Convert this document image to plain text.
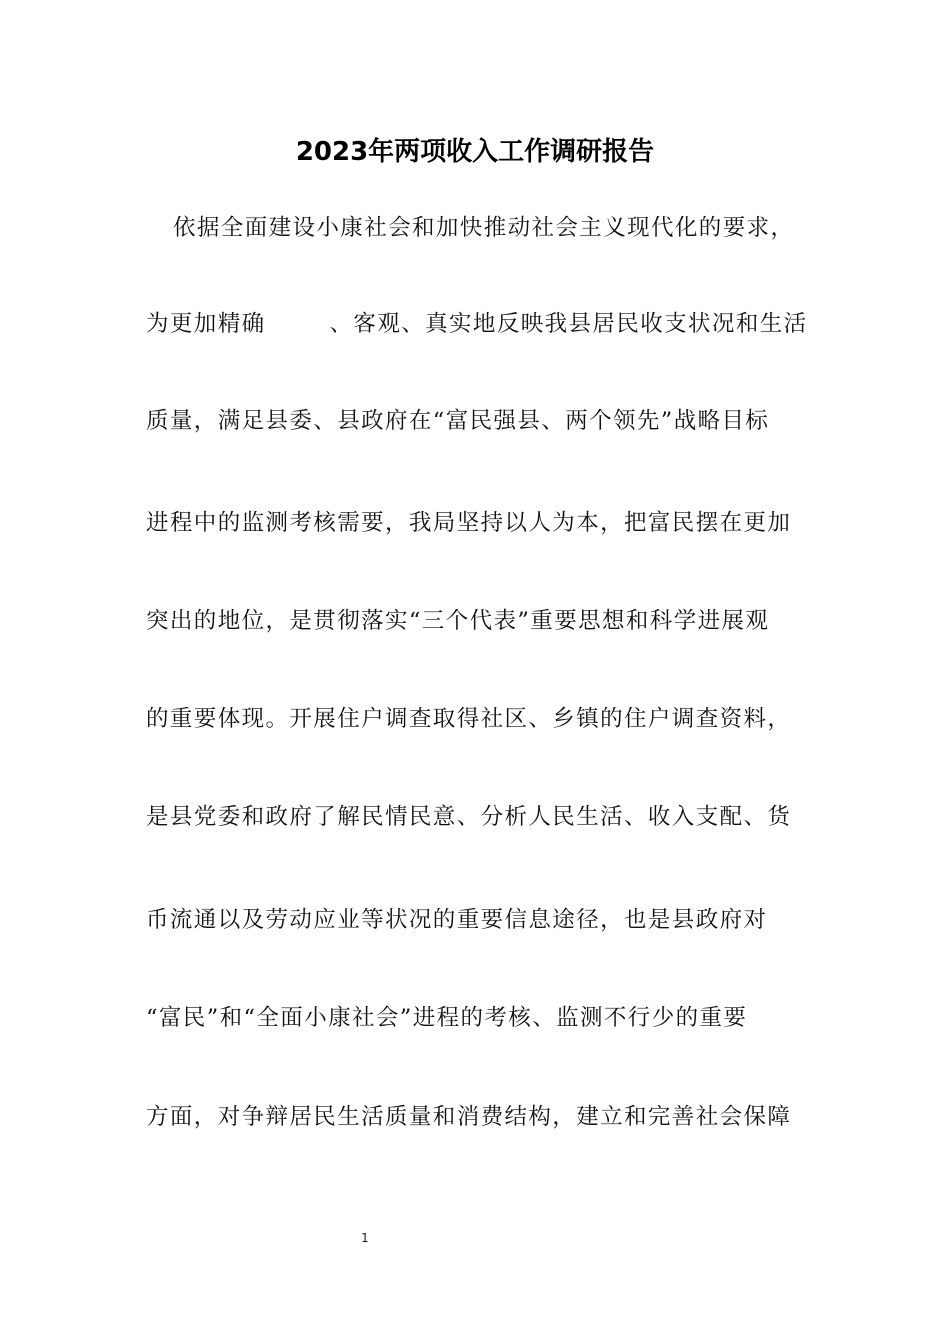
2023年两项收入工作调研报告
依据全面建设小康社会和加快推动社会主义现代化的要求，
为更加精确	、客观、真实地反映我县居民收支状况和生活
质量，满足县委、县政府在“富民强县、两个领先”战略目标
进程中的监测考核需要，我局坚持以人为本，把富民摆在更加
突出的地位，是贯彻落实“三个代表”重要思想和科学进展观
的重要体现。开展住户调查取得社区、乡镇的住户调查资料，
是县党委和政府了解民情民意、分析人民生活、收入支配、货
币流通以及劳动应业等状况的重要信息途径，也是县政府对
“富民”和“全面小康社会”进程的考核、监测不行少的重要
方面，对争辩居民生活质量和消费结构，建立和完善社会保障
1
